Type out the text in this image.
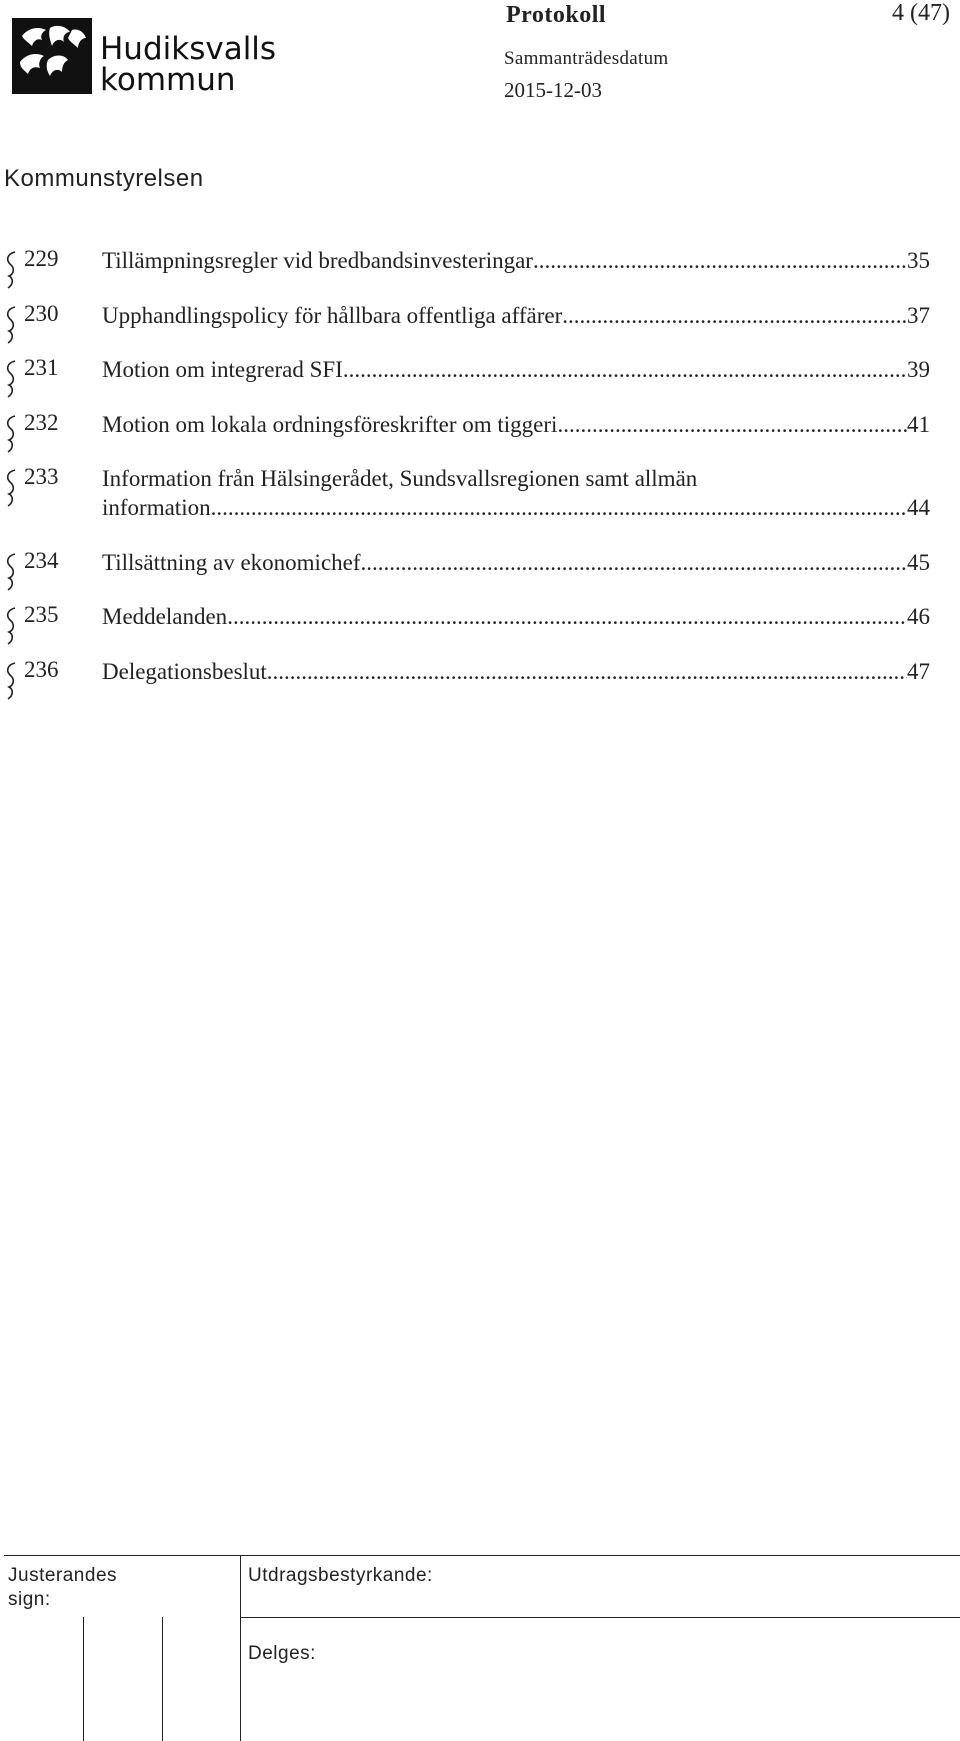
Hudiksvalls
kommun
Protokoll	4 (47)
Sammanträdesdatum
2015-12-03
Kommunstyrelsen
229 Tillämpningsregler vid bredbandsinvesteringar .....	35
230 Upphandlingspolicy för hållbara offentliga affärer .....	37
231 Motion om integrerad SFI .....	39
232 Motion om lokala ordningsföreskrifter om tiggeri .....	41
233 Information från Hälsingerådet, Sundsvallsregionen samt allmän
information .....	44
234 Tillsättning av ekonomichef .....	45
235 Meddelanden .....	46
236 Delegationsbeslut .....	47
Justerandes
sign:
Utdragsbestyrkande:
Delges:
